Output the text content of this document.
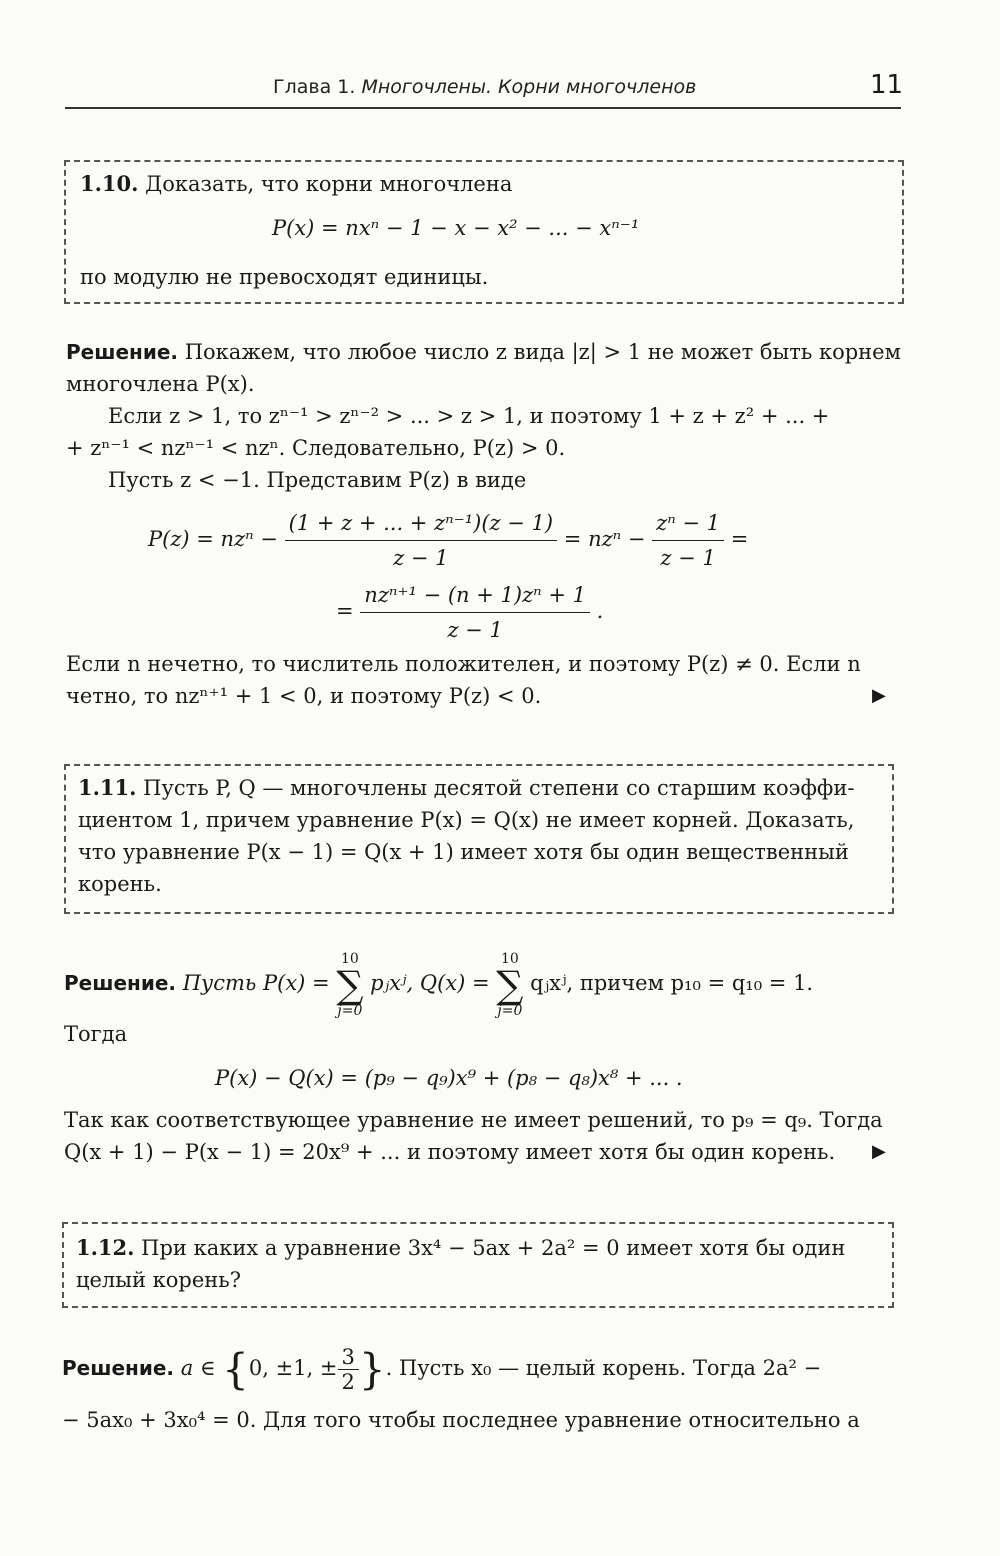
Глава 1. Многочлены. Корни многочленов	11
1.10. Доказать, что корни многочлена
P(x) = nxⁿ − 1 − x − x² − ... − xⁿ⁻¹
по модулю не превосходят единицы.
Решение. Покажем, что любое число z вида |z| > 1 не может быть корнем
многочлена P(x).
Если z > 1, то zⁿ⁻¹ > zⁿ⁻² > ... > z > 1, и поэтому 1 + z + z² + ... +
+ zⁿ⁻¹ < nzⁿ⁻¹ < nzⁿ. Следовательно, P(z) > 0.
Пусть z < −1. Представим P(z) в виде
$P(z) = nz^n - \frac{\text{(1 + z + ... + zⁿ⁻¹)(z − 1)}}{z - 1} = nz^n - \frac{\text{zⁿ − 1}}{z - 1}$ =
= $\frac{\text{nzⁿ⁺¹ − (n + 1)zⁿ + 1}}{z - 1}$ .
Если n нечетно, то числитель положителен, и поэтому P(z) ≠ 0. Если n
четно, то nzⁿ⁺¹ + 1 < 0, и поэтому P(z) < 0.	▶
1.11. Пусть P, Q — многочлены десятой степени со старшим коэффи-
циентом 1, причем уравнение P(x) = Q(x) не имеет корней. Доказать,
что уравнение P(x − 1) = Q(x + 1) имеет хотя бы один вещественный
корень.
Решение. Пусть P(x) = 10
∑
j=0 pⱼxʲ, Q(x) = 10
∑
j=0 qⱼxʲ, причем p₁₀ = q₁₀ = 1.
Тогда
P(x) − Q(x) = (p₉ − q₉)x⁹ + (p₈ − q₈)x⁸ + ... .
Так как соответствующее уравнение не имеет решений, то p₉ = q₉. Тогда
Q(x + 1) − P(x − 1) = 20x⁹ + ... и поэтому имеет хотя бы один корень. ▶
1.12. При каких a уравнение 3x⁴ − 5ax + 2a² = 0 имеет хотя бы один
целый корень?
Решение. a ∈ {0, ±1, ± $\frac{3}{2}$ }. Пусть x₀ — целый корень. Тогда 2a² −
− 5ax₀ + 3x₀⁴ = 0. Для того чтобы последнее уравнение относительно a
